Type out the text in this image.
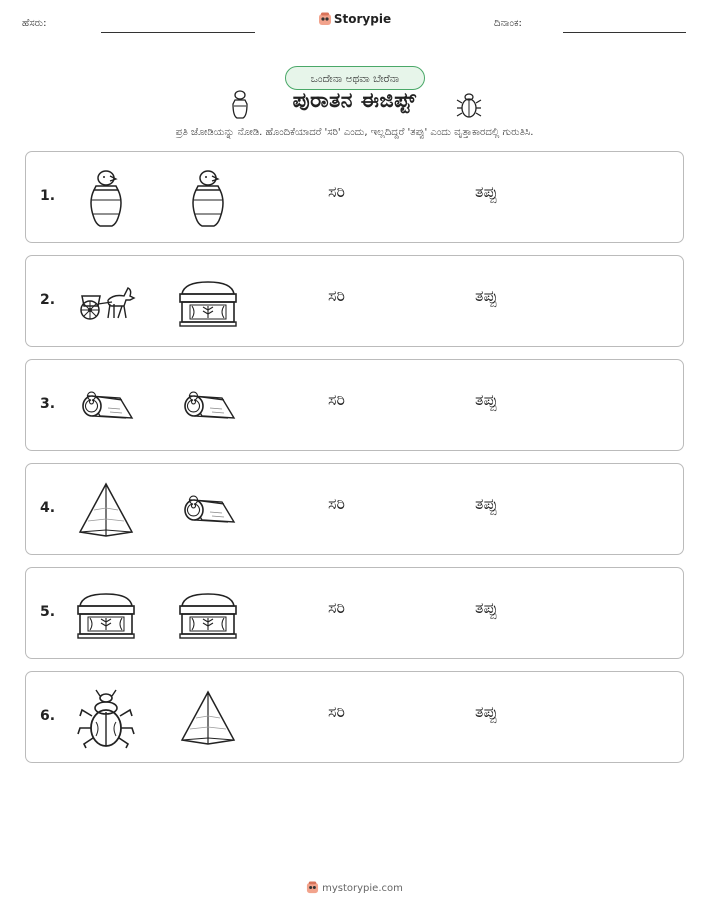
ಹೆಸರು:	Storypie	ದಿನಾಂಕ:
ಒಂದೇನಾ ಅಥವಾ ಬೇರೆನಾ
ಪುರಾತನ ಈಜಿಪ್ಟ್
ಪ್ರತಿ ಜೋಡಿಯನ್ನು ನೋಡಿ. ಹೊಂದಿಕೆಯಾದರೆ 'ಸರಿ' ಎಂದು, ಇಲ್ಲದಿದ್ದರೆ 'ತಪ್ಪು' ಎಂದು ವೃತ್ತಾಕಾರದಲ್ಲಿ ಗುರುತಿಸಿ.
1.	ಸರಿ	ತಪ್ಪು
2.	ಸರಿ	ತಪ್ಪು
3.	ಸರಿ	ತಪ್ಪು
4.	ಸರಿ	ತಪ್ಪು
5.	ಸರಿ	ತಪ್ಪು
6.	ಸರಿ	ತಪ್ಪು
mystorypie.com
